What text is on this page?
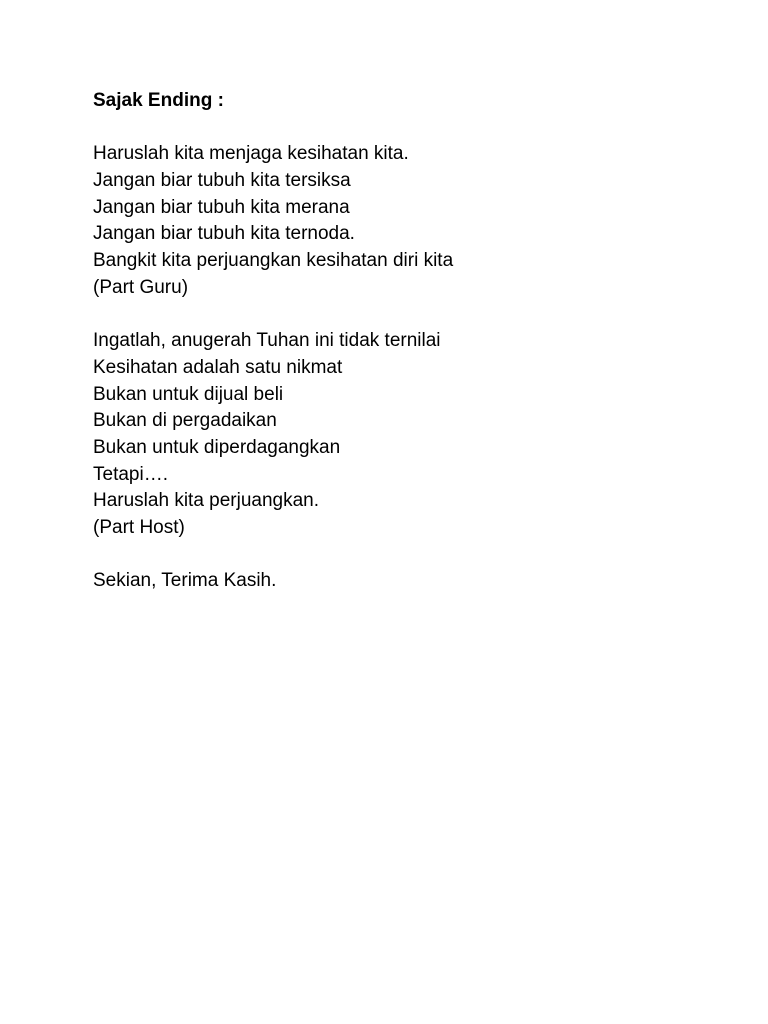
Sajak Ending :

Haruslah kita menjaga kesihatan kita.
Jangan biar tubuh kita tersiksa
Jangan biar tubuh kita merana
Jangan biar tubuh kita ternoda.
Bangkit kita perjuangkan kesihatan diri kita
(Part Guru)
Ingatlah, anugerah Tuhan ini tidak ternilai
Kesihatan adalah satu nikmat
Bukan untuk dijual beli
Bukan di pergadaikan
Bukan untuk diperdagangkan
Tetapi….
Haruslah kita perjuangkan.
(Part Host)
Sekian, Terima Kasih.
